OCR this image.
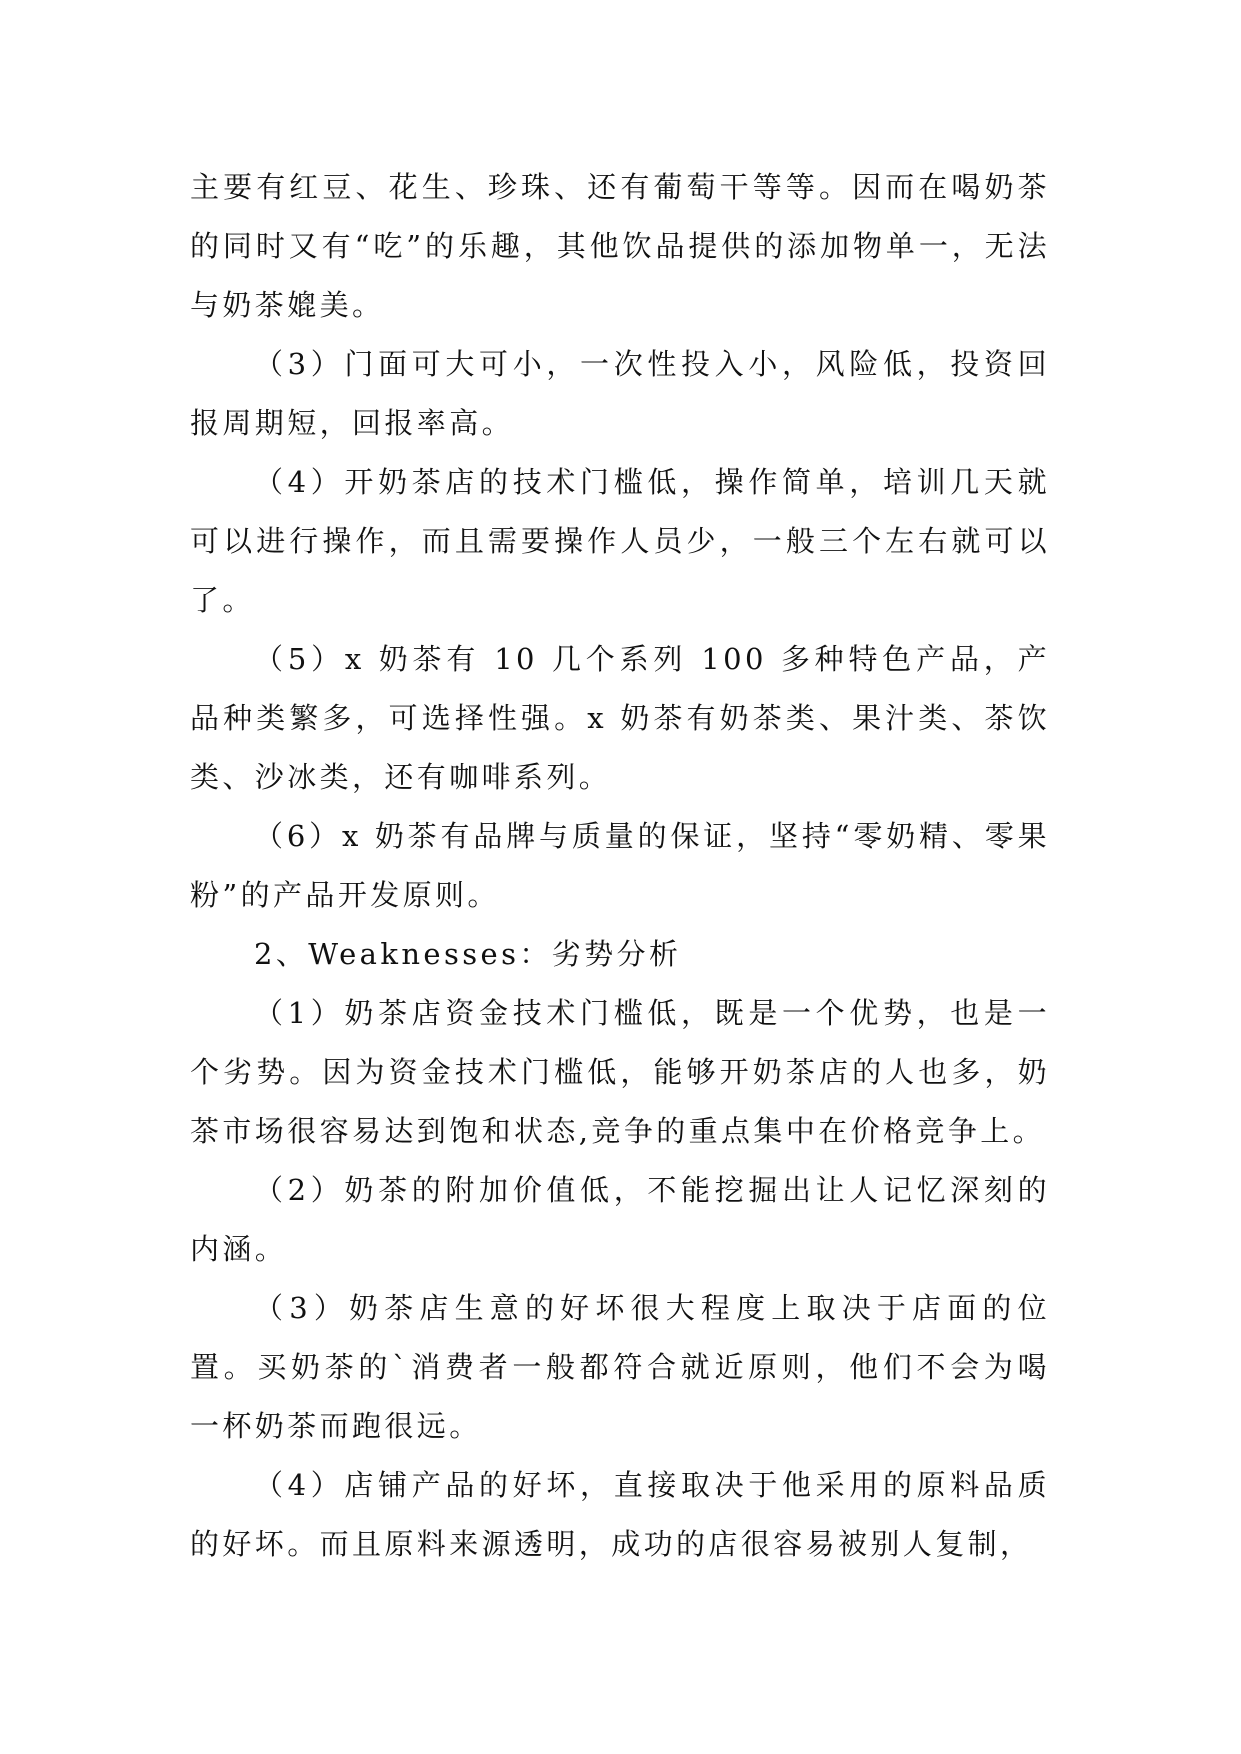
主要有红豆、花生、珍珠、还有葡萄干等等。因而在喝奶茶的同时又有“吃”的乐趣，其他饮品提供的添加物单一，无法与奶茶媲美。

（3）门面可大可小，一次性投入小，风险低，投资回报周期短，回报率高。

（4）开奶茶店的技术门槛低，操作简单，培训几天就可以进行操作，而且需要操作人员少，一般三个左右就可以了。

（5）x 奶茶有 10 几个系列 100 多种特色产品，产品种类繁多，可选择性强。x 奶茶有奶茶类、果汁类、茶饮类、沙冰类，还有咖啡系列。

（6）x 奶茶有品牌与质量的保证，坚持“零奶精、零果粉”的产品开发原则。

2、Weaknesses：劣势分析

（1）奶茶店资金技术门槛低，既是一个优势，也是一个劣势。因为资金技术门槛低，能够开奶茶店的人也多，奶茶市场很容易达到饱和状态,竞争的重点集中在价格竞争上。

（2）奶茶的附加价值低，不能挖掘出让人记忆深刻的内涵。

（3）奶茶店生意的好坏很大程度上取决于店面的位置。买奶茶的`消费者一般都符合就近原则，他们不会为喝一杯奶茶而跑很远。

（4）店铺产品的好坏，直接取决于他采用的原料品质的好坏。而且原料来源透明，成功的店很容易被别人复制，
